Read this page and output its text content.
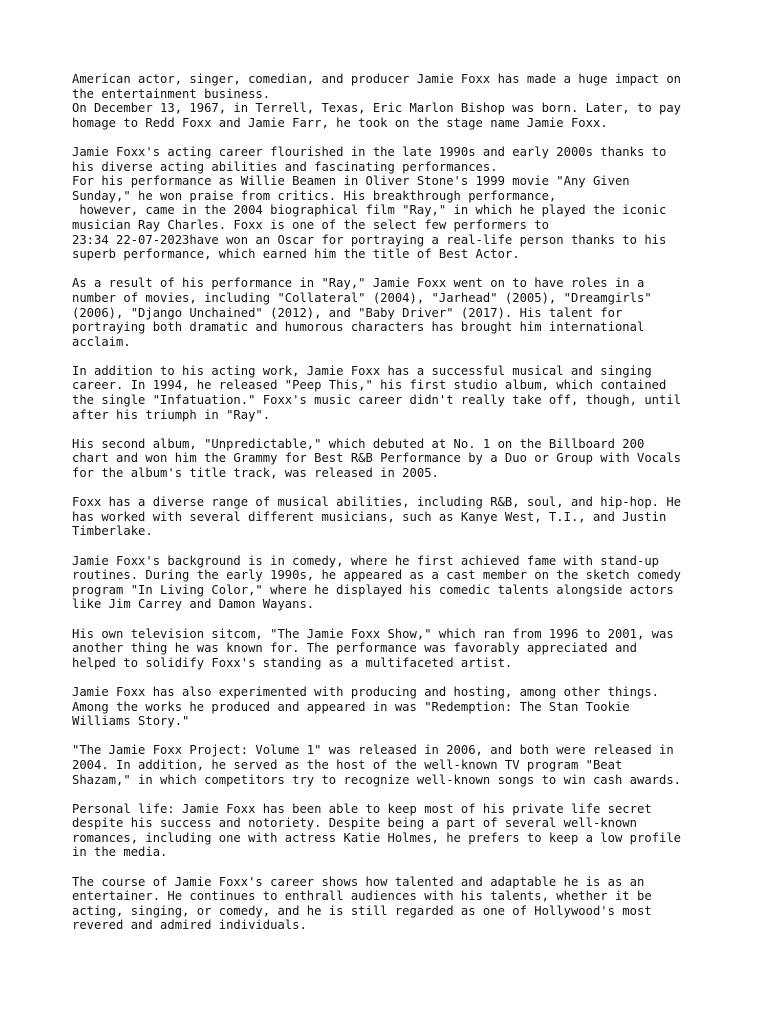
American actor, singer, comedian, and producer Jamie Foxx has made a huge impact on
the entertainment business.
On December 13, 1967, in Terrell, Texas, Eric Marlon Bishop was born. Later, to pay
homage to Redd Foxx and Jamie Farr, he took on the stage name Jamie Foxx.
Jamie Foxx's acting career flourished in the late 1990s and early 2000s thanks to
his diverse acting abilities and fascinating performances.
For his performance as Willie Beamen in Oliver Stone's 1999 movie "Any Given
Sunday," he won praise from critics. His breakthrough performance,
however, came in the 2004 biographical film "Ray," in which he played the iconic
musician Ray Charles. Foxx is one of the select few performers to
23:34 22-07-2023have won an Oscar for portraying a real-life person thanks to his
superb performance, which earned him the title of Best Actor.
As a result of his performance in "Ray," Jamie Foxx went on to have roles in a
number of movies, including "Collateral" (2004), "Jarhead" (2005), "Dreamgirls"
(2006), "Django Unchained" (2012), and "Baby Driver" (2017). His talent for
portraying both dramatic and humorous characters has brought him international
acclaim.
In addition to his acting work, Jamie Foxx has a successful musical and singing
career. In 1994, he released "Peep This," his first studio album, which contained
the single "Infatuation." Foxx's music career didn't really take off, though, until
after his triumph in "Ray".
His second album, "Unpredictable," which debuted at No. 1 on the Billboard 200
chart and won him the Grammy for Best R&B Performance by a Duo or Group with Vocals
for the album's title track, was released in 2005.
Foxx has a diverse range of musical abilities, including R&B, soul, and hip-hop. He
has worked with several different musicians, such as Kanye West, T.I., and Justin
Timberlake.
Jamie Foxx's background is in comedy, where he first achieved fame with stand-up
routines. During the early 1990s, he appeared as a cast member on the sketch comedy
program "In Living Color," where he displayed his comedic talents alongside actors
like Jim Carrey and Damon Wayans.
His own television sitcom, "The Jamie Foxx Show," which ran from 1996 to 2001, was
another thing he was known for. The performance was favorably appreciated and
helped to solidify Foxx's standing as a multifaceted artist.
Jamie Foxx has also experimented with producing and hosting, among other things.
Among the works he produced and appeared in was "Redemption: The Stan Tookie
Williams Story."
"The Jamie Foxx Project: Volume 1" was released in 2006, and both were released in
2004. In addition, he served as the host of the well-known TV program "Beat
Shazam," in which competitors try to recognize well-known songs to win cash awards.
Personal life: Jamie Foxx has been able to keep most of his private life secret
despite his success and notoriety. Despite being a part of several well-known
romances, including one with actress Katie Holmes, he prefers to keep a low profile
in the media.
The course of Jamie Foxx's career shows how talented and adaptable he is as an
entertainer. He continues to enthrall audiences with his talents, whether it be
acting, singing, or comedy, and he is still regarded as one of Hollywood's most
revered and admired individuals.
